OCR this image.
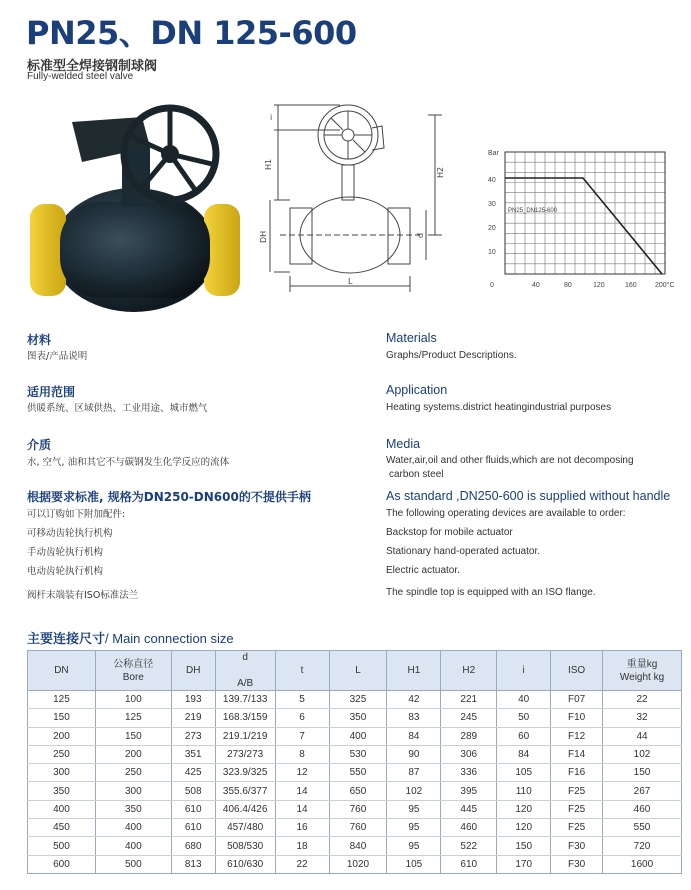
PN25、DN 125-600
标准型全焊接钢制球阀
Fully-welded steel valve
i
H1
H2
DH	d
L
Bar
40
30
20
10
0	40	80	120	160	200°C
PN25_DN125-600
材料
图表/产品说明
Materials
Graphs/Product Descriptions.
适用范围
供暖系统、区域供热、工业用途、城市燃气
Application
Heating systems.district heatingindustrial purposes
介质
水, 空气, 油和其它不与碳钢发生化学反应的流体
Media
Water,air,oil and other fluids,which are not decomposing
carbon steel
根据要求标准, 规格为DN250-DN600的不提供手柄
可以订购如下附加配件:
可移动齿轮执行机构
手动齿轮执行机构
电动齿轮执行机构
阀杆末端装有ISO标准法兰
As standard ,DN250-600 is supplied without handle
The following operating devices are available to order:
Backstop for mobile actuator
Stationary hand-operated actuator.
Electric actuator.
The spindle top is equipped with an ISO flange.
主要连接尺寸/ Main connection size
DN	公称直径
Bore	DH	d

A/B	t	L	H1	H2	i	ISO	重量kg
Weight kg
125	100	193	139.7/133	5	325	42	221	40	F07	22
150	125	219	168.3/159	6	350	83	245	50	F10	32
200	150	273	219.1/219	7	400	84	289	60	F12	44
250	200	351	273/273	8	530	90	306	84	F14	102
300	250	425	323.9/325	12	550	87	336	105	F16	150
350	300	508	355.6/377	14	650	102	395	110	F25	267
400	350	610	406.4/426	14	760	95	445	120	F25	460
450	400	610	457/480	16	760	95	460	120	F25	550
500	400	680	508/530	18	840	95	522	150	F30	720
600	500	813	610/630	22	1020	105	610	170	F30	1600
